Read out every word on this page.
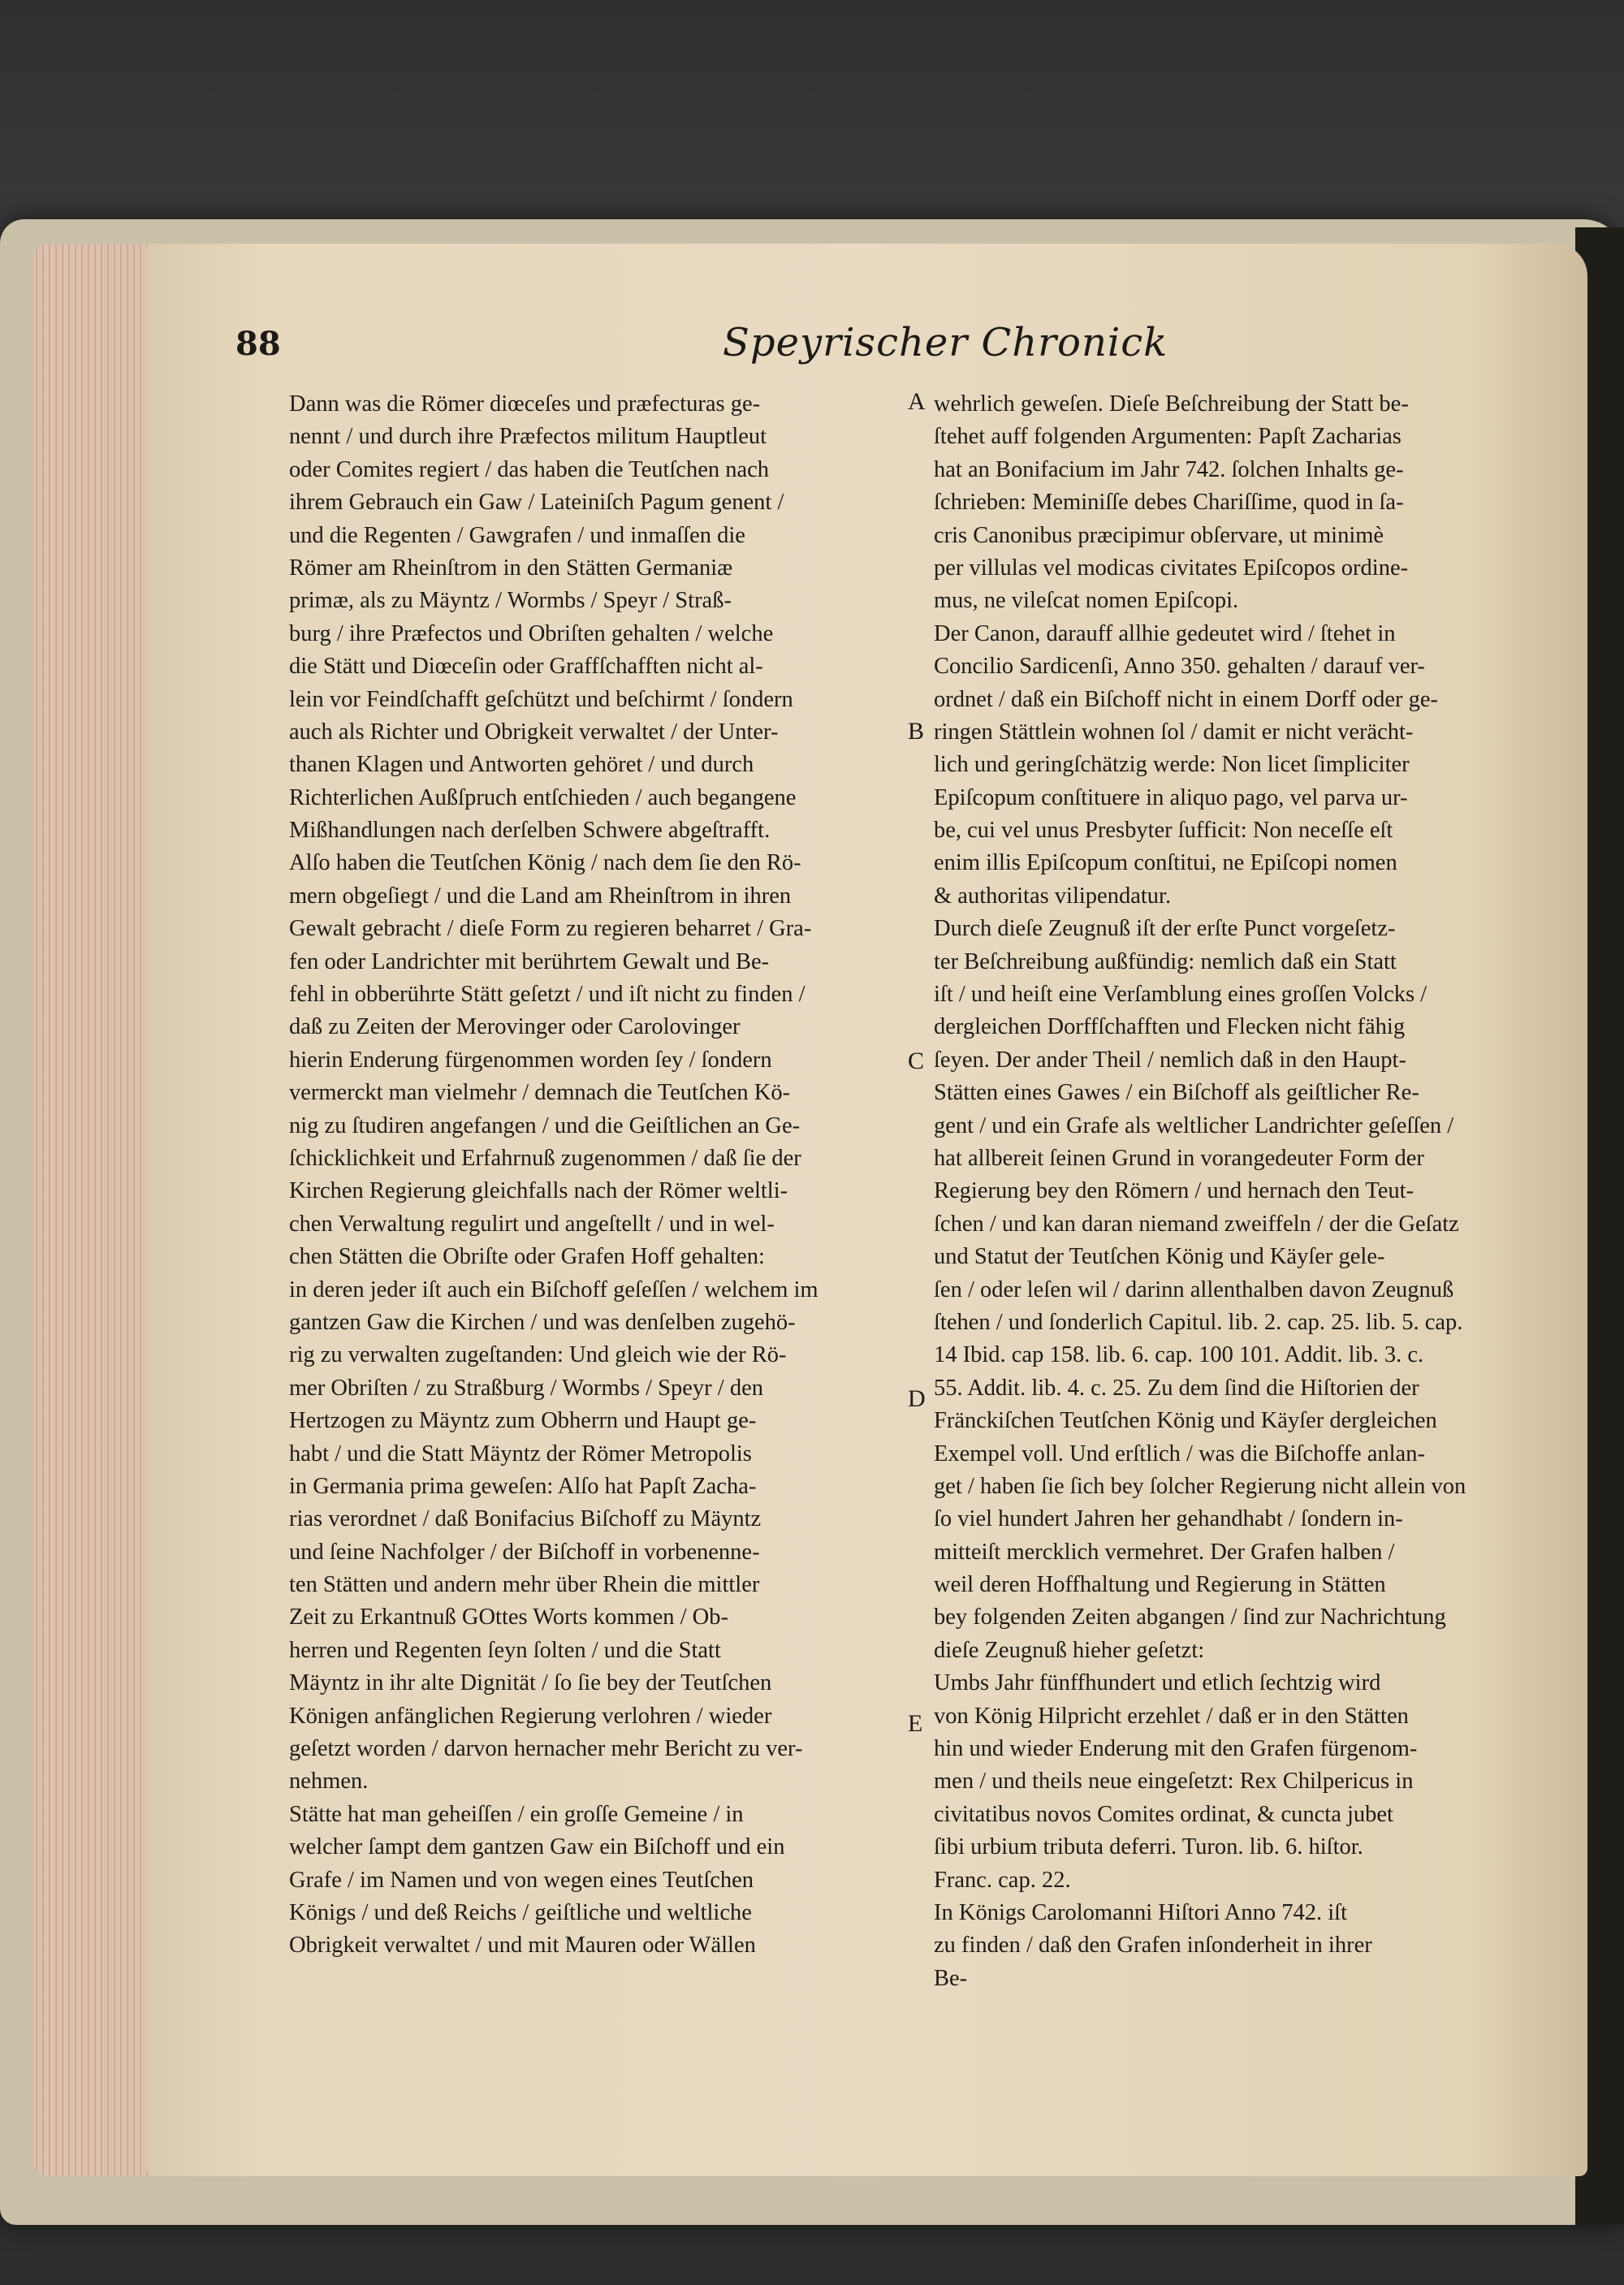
88	Speyrischer Chronick
A
B
C
D
E
Dann was die Römer diœceſes und præfecturas ge-
nennt / und durch ihre Præfectos militum Hauptleut
oder Comites regiert / das haben die Teutſchen nach
ihrem Gebrauch ein Gaw / Lateiniſch Pagum genent /
und die Regenten / Gawgrafen / und inmaſſen die
Römer am Rheinſtrom in den Stätten Germaniæ
primæ, als zu Mäyntz / Wormbs / Speyr / Straß-
burg / ihre Præfectos und Obriſten gehalten / welche
die Stätt und Diœceſin oder Graffſchafften nicht al-
lein vor Feindſchafft geſchützt und beſchirmt / ſondern
auch als Richter und Obrigkeit verwaltet / der Unter-
thanen Klagen und Antworten gehöret / und durch
Richterlichen Außſpruch entſchieden / auch begangene
Mißhandlungen nach derſelben Schwere abgeſtrafft.
Alſo haben die Teutſchen König / nach dem ſie den Rö-
mern obgeſiegt / und die Land am Rheinſtrom in ihren
Gewalt gebracht / dieſe Form zu regieren beharret / Gra-
fen oder Landrichter mit berührtem Gewalt und Be-
fehl in obberührte Stätt geſetzt / und iſt nicht zu finden /
daß zu Zeiten der Merovinger oder Carolovinger
hierin Enderung fürgenommen worden ſey / ſondern
vermerckt man vielmehr / demnach die Teutſchen Kö-
nig zu ſtudiren angefangen / und die Geiſtlichen an Ge-
ſchicklichkeit und Erfahrnuß zugenommen / daß ſie der
Kirchen Regierung gleichfalls nach der Römer weltli-
chen Verwaltung regulirt und angeſtellt / und in wel-
chen Stätten die Obriſte oder Grafen Hoff gehalten:
in deren jeder iſt auch ein Biſchoff geſeſſen / welchem im
gantzen Gaw die Kirchen / und was denſelben zugehö-
rig zu verwalten zugeſtanden: Und gleich wie der Rö-
mer Obriſten / zu Straßburg / Wormbs / Speyr / den
Hertzogen zu Mäyntz zum Obherrn und Haupt ge-
habt / und die Statt Mäyntz der Römer Metropolis
in Germania prima geweſen: Alſo hat Papſt Zacha-
rias verordnet / daß Bonifacius Biſchoff zu Mäyntz
und ſeine Nachfolger / der Biſchoff in vorbenenne-
ten Stätten und andern mehr über Rhein die mittler
Zeit zu Erkantnuß GOttes Worts kommen / Ob-
herren und Regenten ſeyn ſolten / und die Statt
Mäyntz in ihr alte Dignität / ſo ſie bey der Teutſchen
Königen anfänglichen Regierung verlohren / wieder
geſetzt worden / darvon hernacher mehr Bericht zu ver-
nehmen.
Stätte hat man geheiſſen / ein groſſe Gemeine / in
welcher ſampt dem gantzen Gaw ein Biſchoff und ein
Grafe / im Namen und von wegen eines Teutſchen
Königs / und deß Reichs / geiſtliche und weltliche
Obrigkeit verwaltet / und mit Mauren oder Wällen
wehrlich geweſen. Dieſe Beſchreibung der Statt be-
ſtehet auff folgenden Argumenten: Papſt Zacharias
hat an Bonifacium im Jahr 742. ſolchen Inhalts ge-
ſchrieben: Meminiſſe debes Chariſſime, quod in ſa-
cris Canonibus præcipimur obſervare, ut minimè
per villulas vel modicas civitates Epiſcopos ordine-
mus, ne vileſcat nomen Epiſcopi.
Der Canon, darauff allhie gedeutet wird / ſtehet in
Concilio Sardicenſi, Anno 350. gehalten / darauf ver-
ordnet / daß ein Biſchoff nicht in einem Dorff oder ge-
ringen Stättlein wohnen ſol / damit er nicht verächt-
lich und geringſchätzig werde: Non licet ſimpliciter
Epiſcopum conſtituere in aliquo pago, vel parva ur-
be, cui vel unus Presbyter ſufficit: Non neceſſe eſt
enim illis Epiſcopum conſtitui, ne Epiſcopi nomen
& authoritas vilipendatur.
Durch dieſe Zeugnuß iſt der erſte Punct vorgeſetz-
ter Beſchreibung außfündig: nemlich daß ein Statt
iſt / und heiſt eine Verſamblung eines groſſen Volcks /
dergleichen Dorffſchafften und Flecken nicht fähig
ſeyen. Der ander Theil / nemlich daß in den Haupt-
Stätten eines Gawes / ein Biſchoff als geiſtlicher Re-
gent / und ein Grafe als weltlicher Landrichter geſeſſen /
hat allbereit ſeinen Grund in vorangedeuter Form der
Regierung bey den Römern / und hernach den Teut-
ſchen / und kan daran niemand zweiffeln / der die Geſatz
und Statut der Teutſchen König und Käyſer gele-
ſen / oder leſen wil / darinn allenthalben davon Zeugnuß
ſtehen / und ſonderlich Capitul. lib. 2. cap. 25. lib. 5. cap.
14 Ibid. cap 158. lib. 6. cap. 100 101. Addit. lib. 3. c.
55. Addit. lib. 4. c. 25. Zu dem ſind die Hiſtorien der
Fränckiſchen Teutſchen König und Käyſer dergleichen
Exempel voll. Und erſtlich / was die Biſchoffe anlan-
get / haben ſie ſich bey ſolcher Regierung nicht allein von
ſo viel hundert Jahren her gehandhabt / ſondern in-
mitteiſt mercklich vermehret. Der Grafen halben /
weil deren Hoffhaltung und Regierung in Stätten
bey folgenden Zeiten abgangen / ſind zur Nachrichtung
dieſe Zeugnuß hieher geſetzt:
Umbs Jahr fünffhundert und etlich ſechtzig wird
von König Hilpricht erzehlet / daß er in den Stätten
hin und wieder Enderung mit den Grafen fürgenom-
men / und theils neue eingeſetzt: Rex Chilpericus in
civitatibus novos Comites ordinat, & cuncta jubet
ſibi urbium tributa deferri. Turon. lib. 6. hiſtor.
Franc. cap. 22.
In Königs Carolomanni Hiſtori Anno 742. iſt
zu finden / daß den Grafen inſonderheit in ihrer
Be-
